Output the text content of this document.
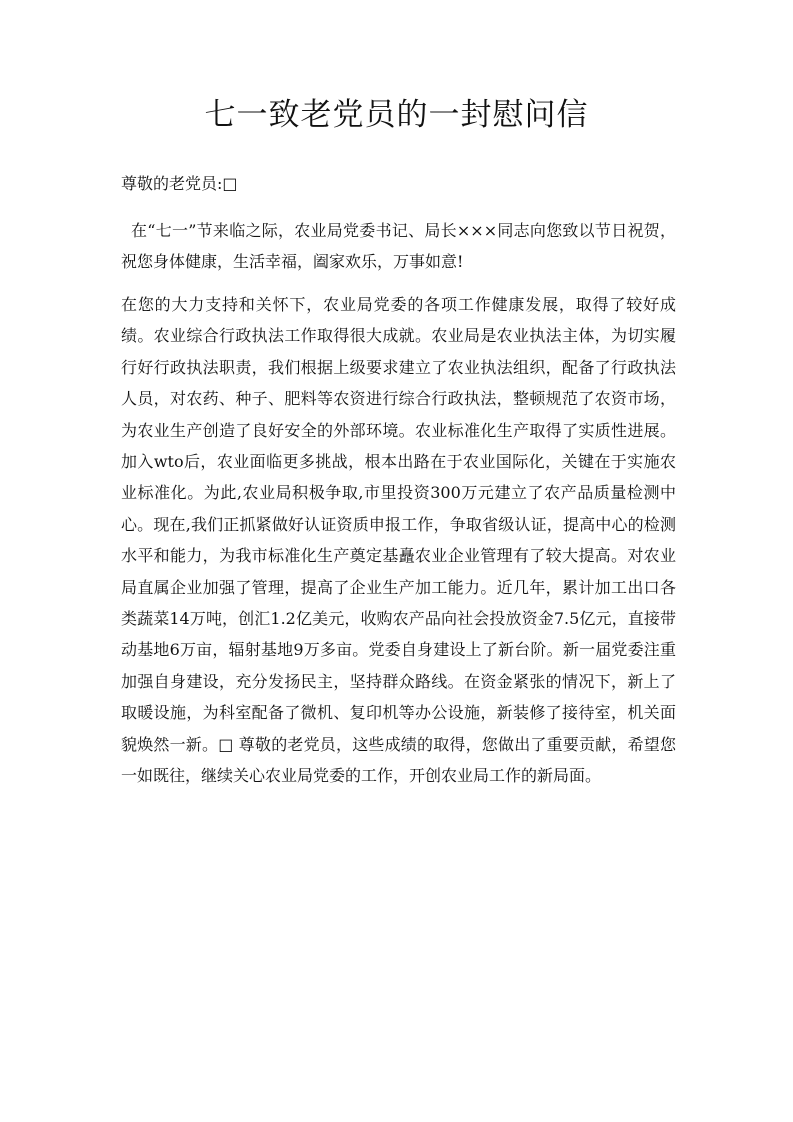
七一致老党员的一封慰问信

尊敬的老党员:□

在“七一”节来临之际，农业局党委书记、局长×××同志向您致以节日祝贺，祝您身体健康，生活幸福，阖家欢乐，万事如意!

在您的大力支持和关怀下，农业局党委的各项工作健康发展，取得了较好成绩。农业综合行政执法工作取得很大成就。农业局是农业执法主体，为切实履行好行政执法职责，我们根据上级要求建立了农业执法组织，配备了行政执法人员，对农药、种子、肥料等农资进行综合行政执法，整顿规范了农资市场，为农业生产创造了良好安全的外部环境。农业标准化生产取得了实质性进展。加入wto后，农业面临更多挑战，根本出路在于农业国际化，关键在于实施农业标准化。为此,农业局积极争取,市里投资300万元建立了农产品质量检测中心。现在,我们正抓紧做好认证资质申报工作，争取省级认证，提高中心的检测水平和能力，为我市标准化生产奠定基矗农业企业管理有了较大提高。对农业局直属企业加强了管理，提高了企业生产加工能力。近几年，累计加工出口各类蔬菜14万吨，创汇1.2亿美元，收购农产品向社会投放资金7.5亿元，直接带动基地6万亩，辐射基地9万多亩。党委自身建设上了新台阶。新一届党委注重加强自身建设，充分发扬民主，坚持群众路线。在资金紧张的情况下，新上了取暖设施，为科室配备了微机、复印机等办公设施，新装修了接待室，机关面貌焕然一新。□ 尊敬的老党员，这些成绩的取得，您做出了重要贡献，希望您一如既往，继续关心农业局党委的工作，开创农业局工作的新局面。
